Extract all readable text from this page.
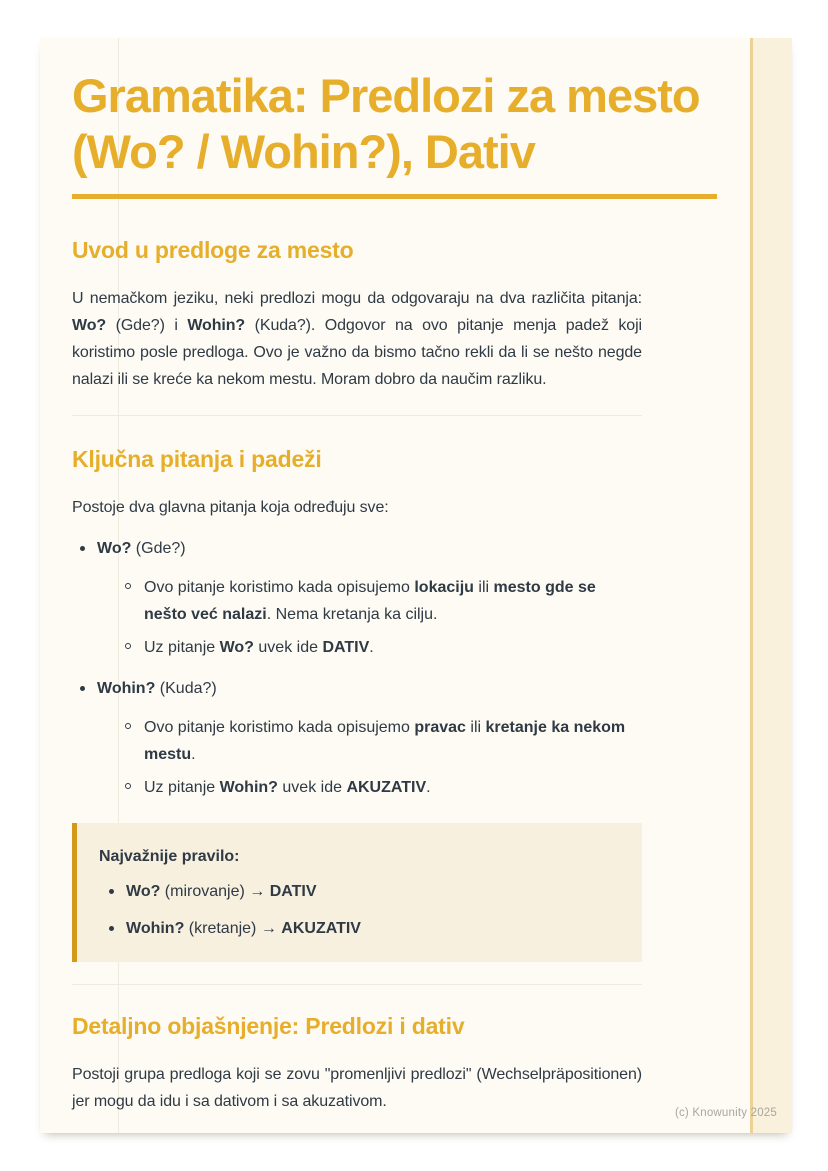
Gramatika: Predlozi za mesto
(Wo? / Wohin?), Dativ
Uvod u predloge za mesto

U nemačkom jeziku, neki predlozi mogu da odgovaraju na dva različita pitanja: Wo? (Gde?) i Wohin? (Kuda?). Odgovor na ovo pitanje menja padež koji koristimo posle predloga. Ovo je važno da bismo tačno rekli da li se nešto negde nalazi ili se kreće ka nekom mestu. Moram dobro da naučim razliku.

Ključna pitanja i padeži

Postoje dva glavna pitanja koja određuju sve:

Wo? (Gde?)
Ovo pitanje koristimo kada opisujemo lokaciju ili mesto gde se nešto već nalazi. Nema kretanja ka cilju.
Uz pitanje Wo? uvek ide DATIV.
Wohin? (Kuda?)
Ovo pitanje koristimo kada opisujemo pravac ili kretanje ka nekom mestu.
Uz pitanje Wohin? uvek ide AKUZATIV.
Najvažnije pravilo:
Wo? (mirovanje) → DATIV
Wohin? (kretanje) → AKUZATIV
Detaljno objašnjenje: Predlozi i dativ

Postoji grupa predloga koji se zovu "promenljivi predlozi" (Wechselpräpositionen) jer mogu da idu i sa dativom i sa akuzativom.

(c) Knowunity 2025
